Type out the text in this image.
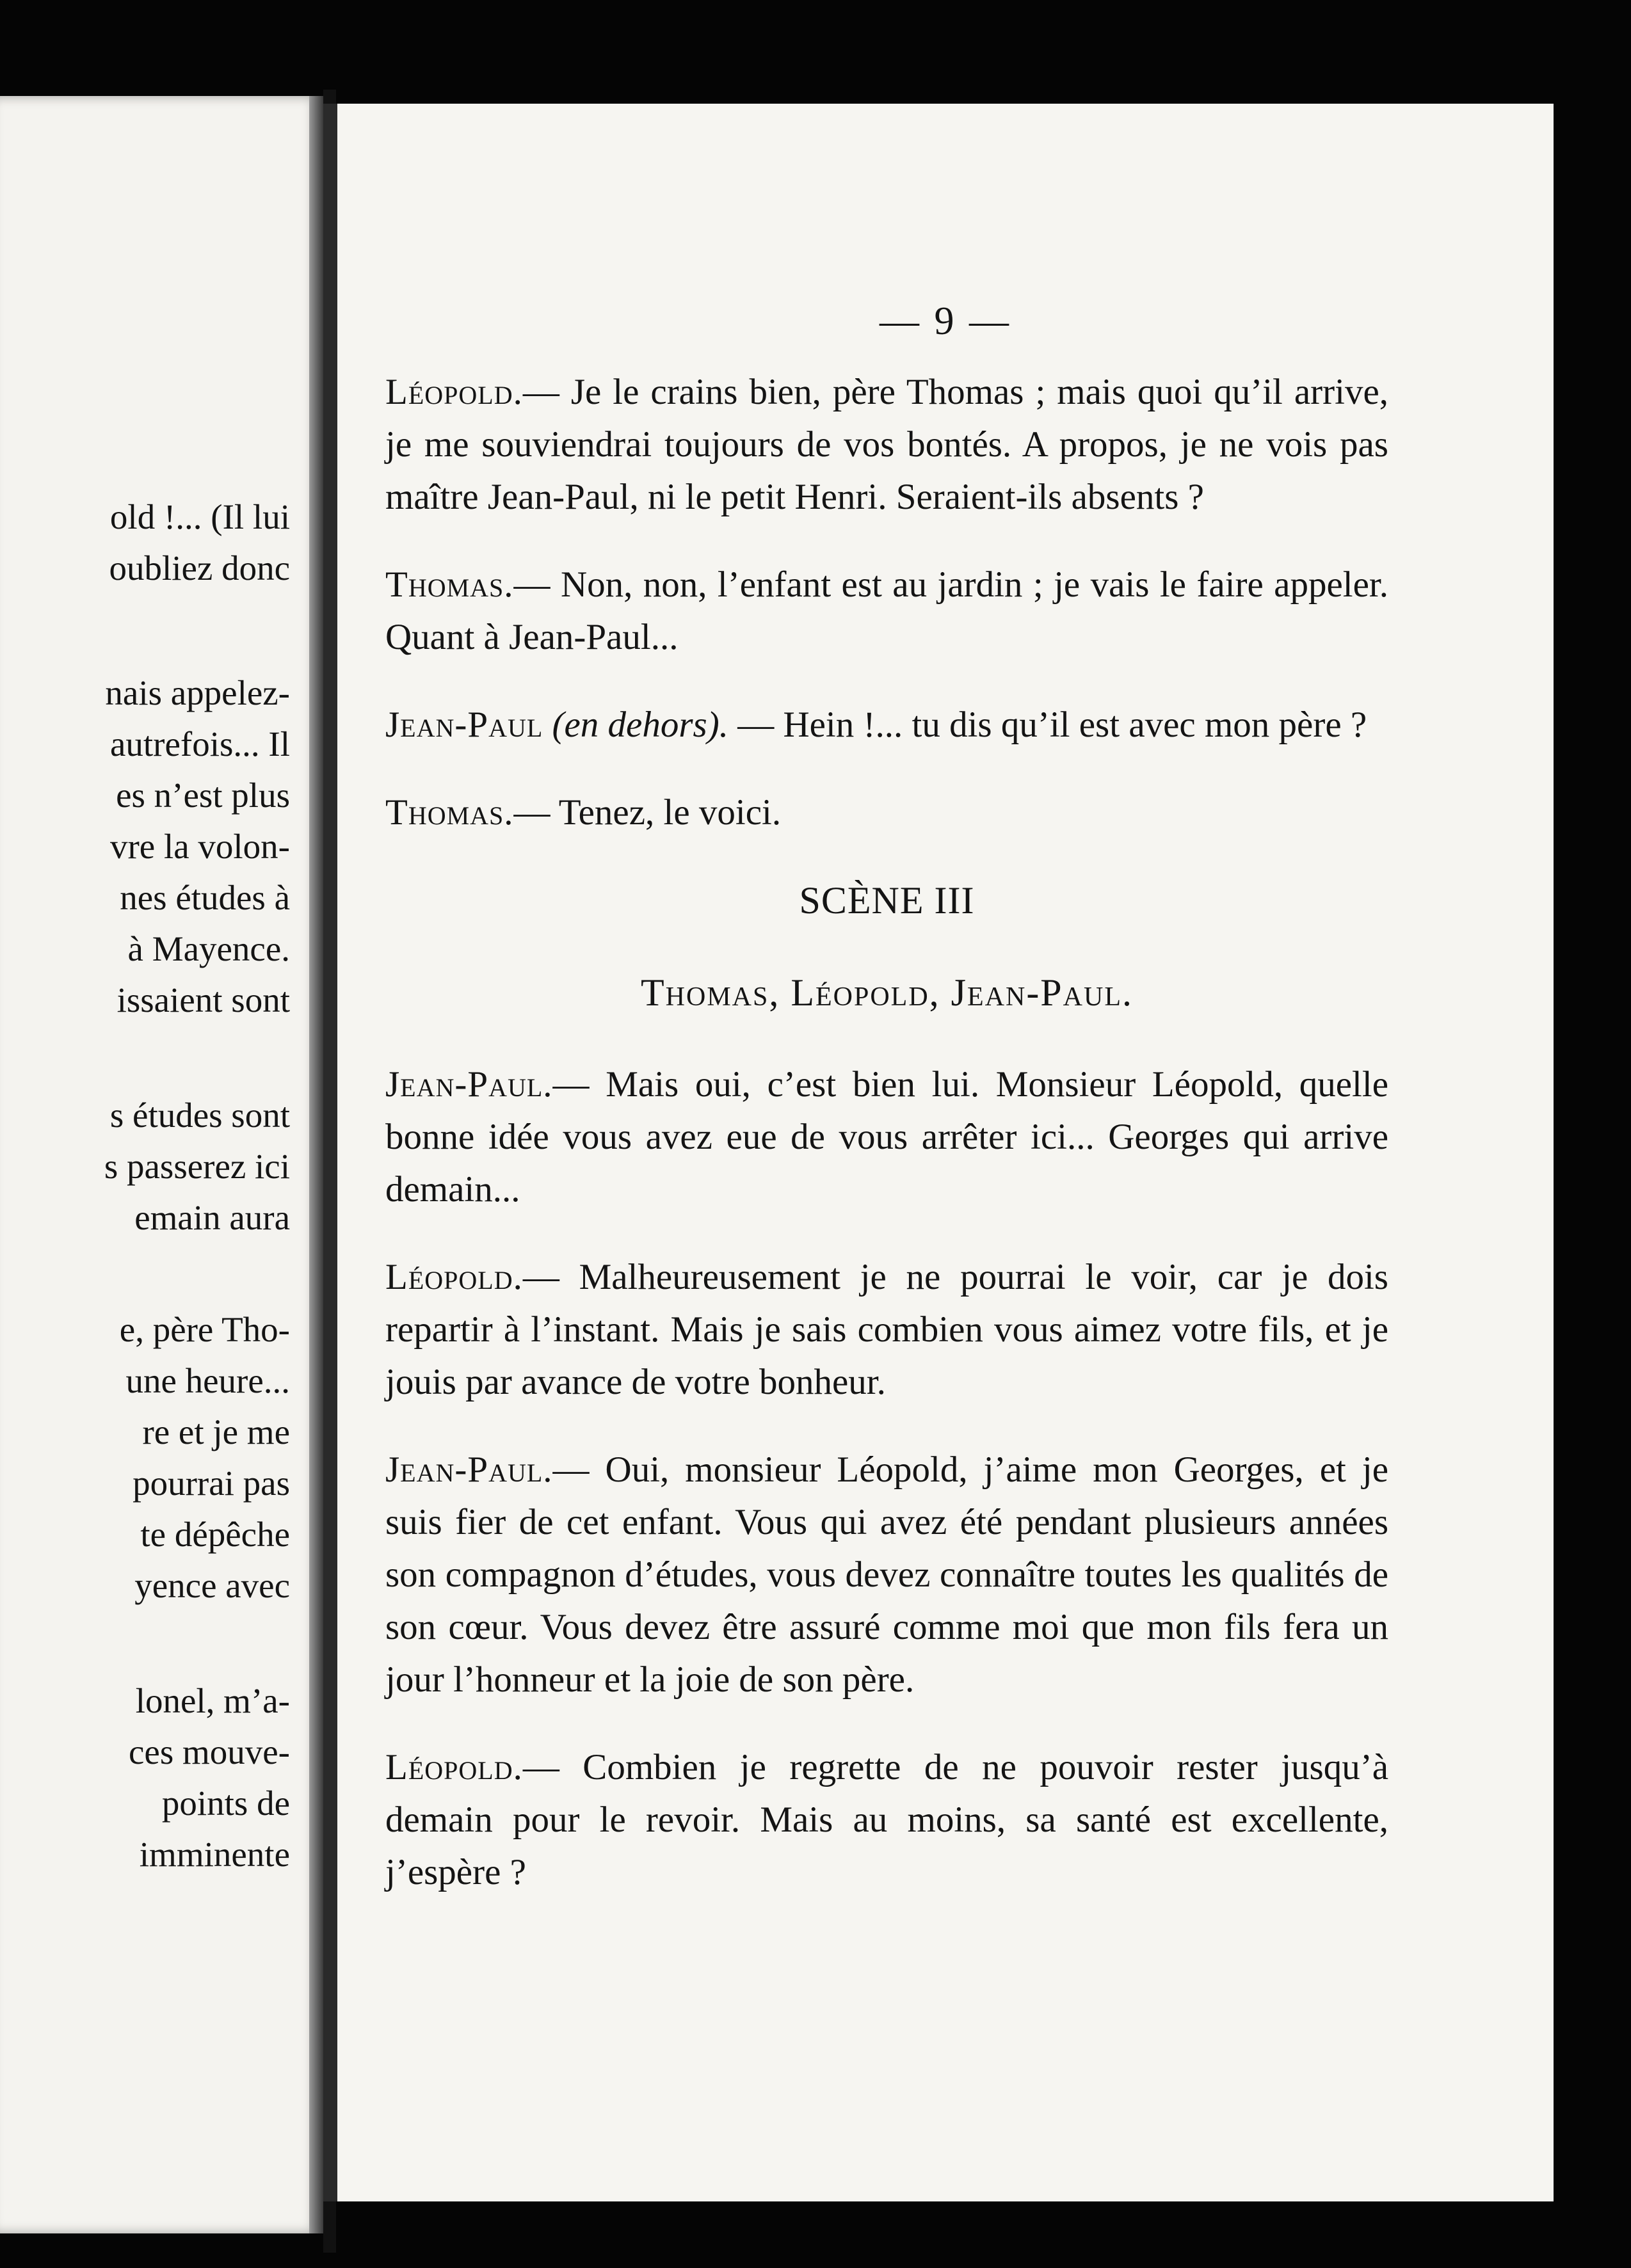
old !... (Il lui
oubliez donc
nais appelez-
autrefois... Il
es n’est plus
vre la volon-
nes études à
à Mayence.
issaient sont
s études sont
s passerez ici
emain aura
e, père Tho-
une heure...
re et je me
pourrai pas
te dépêche
yence avec
lonel, m’a-
ces mouve-
points de
imminente
— 9 —

Léopold.— Je le crains bien, père Thomas ; mais quoi qu’il arrive, je me souviendrai toujours de vos bontés. A propos, je ne vois pas maître Jean-Paul, ni le petit Henri. Seraient-ils absents ?

Thomas.— Non, non, l’enfant est au jardin ; je vais le faire appeler. Quant à Jean-Paul...

Jean-Paul (en dehors). — Hein !... tu dis qu’il est avec mon père ?

Thomas.— Tenez, le voici.

SCÈNE III

Thomas, Léopold, Jean-Paul.

Jean-Paul.— Mais oui, c’est bien lui. Monsieur Léopold, quelle bonne idée vous avez eue de vous arrêter ici... Georges qui arrive demain...

Léopold.— Malheureusement je ne pourrai le voir, car je dois repartir à l’instant. Mais je sais combien vous aimez votre fils, et je jouis par avance de votre bonheur.

Jean-Paul.— Oui, monsieur Léopold, j’aime mon Georges, et je suis fier de cet enfant. Vous qui avez été pendant plusieurs années son compagnon d’études, vous devez connaître toutes les qualités de son cœur. Vous devez être assuré comme moi que mon fils fera un jour l’honneur et la joie de son père.

Léopold.— Combien je regrette de ne pouvoir rester jusqu’à demain pour le revoir. Mais au moins, sa santé est excellente, j’espère ?
